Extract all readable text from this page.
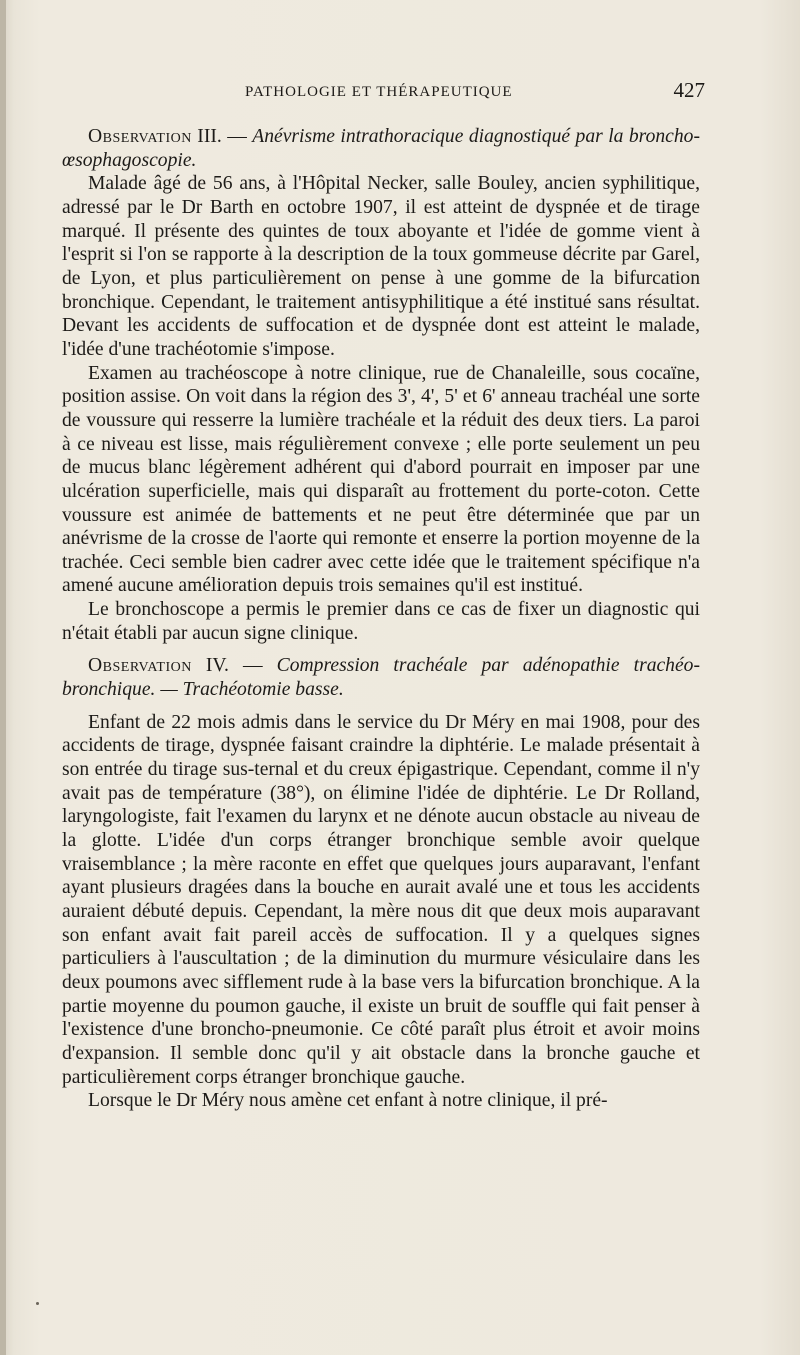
PATHOLOGIE ET THÉRAPEUTIQUE	427

Observation III. — Anévrisme intrathoracique diagnostiqué par la broncho-œsophagoscopie.

Malade âgé de 56 ans, à l'Hôpital Necker, salle Bouley, ancien syphilitique, adressé par le Dr Barth en octobre 1907, il est atteint de dyspnée et de tirage marqué. Il présente des quintes de toux aboyante et l'idée de gomme vient à l'esprit si l'on se rapporte à la description de la toux gommeuse décrite par Garel, de Lyon, et plus particulièrement on pense à une gomme de la bifurcation bronchique. Cependant, le traitement antisyphilitique a été institué sans résultat. Devant les accidents de suffocation et de dyspnée dont est atteint le malade, l'idée d'une trachéotomie s'impose.

Examen au trachéoscope à notre clinique, rue de Chanaleille, sous cocaïne, position assise. On voit dans la région des 3', 4', 5' et 6' anneau trachéal une sorte de voussure qui resserre la lumière trachéale et la réduit des deux tiers. La paroi à ce niveau est lisse, mais régulièrement convexe ; elle porte seulement un peu de mucus blanc légèrement adhérent qui d'abord pourrait en imposer par une ulcération superficielle, mais qui disparaît au frottement du porte-coton. Cette voussure est animée de battements et ne peut être déterminée que par un anévrisme de la crosse de l'aorte qui remonte et enserre la portion moyenne de la trachée. Ceci semble bien cadrer avec cette idée que le traitement spécifique n'a amené aucune amélioration depuis trois semaines qu'il est institué.

Le bronchoscope a permis le premier dans ce cas de fixer un diagnostic qui n'était établi par aucun signe clinique.

Observation IV. — Compression trachéale par adénopathie trachéo-bronchique. — Trachéotomie basse.

Enfant de 22 mois admis dans le service du Dr Méry en mai 1908, pour des accidents de tirage, dyspnée faisant craindre la diphtérie. Le malade présentait à son entrée du tirage sus-ternal et du creux épigastrique. Cependant, comme il n'y avait pas de température (38°), on élimine l'idée de diphtérie. Le Dr Rolland, laryngologiste, fait l'examen du larynx et ne dénote aucun obstacle au niveau de la glotte. L'idée d'un corps étranger bronchique semble avoir quelque vraisemblance ; la mère raconte en effet que quelques jours auparavant, l'enfant ayant plusieurs dragées dans la bouche en aurait avalé une et tous les accidents auraient débuté depuis. Cependant, la mère nous dit que deux mois auparavant son enfant avait fait pareil accès de suffocation. Il y a quelques signes particuliers à l'auscultation ; de la diminution du murmure vésiculaire dans les deux poumons avec sifflement rude à la base vers la bifurcation bronchique. A la partie moyenne du poumon gauche, il existe un bruit de souffle qui fait penser à l'existence d'une broncho-pneumonie. Ce côté paraît plus étroit et avoir moins d'expansion. Il semble donc qu'il y ait obstacle dans la bronche gauche et particulièrement corps étranger bronchique gauche.

Lorsque le Dr Méry nous amène cet enfant à notre clinique, il pré-
